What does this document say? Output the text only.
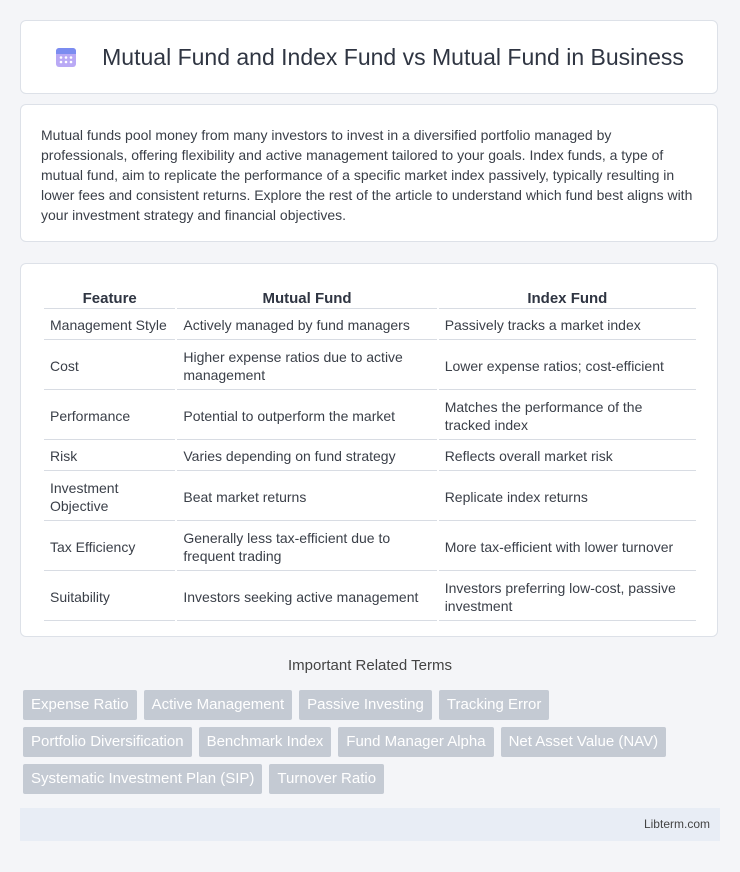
Mutual Fund and Index Fund vs Mutual Fund in Business

Mutual funds pool money from many investors to invest in a diversified portfolio managed by professionals, offering flexibility and active management tailored to your goals. Index funds, a type of mutual fund, aim to replicate the performance of a specific market index passively, typically resulting in lower fees and consistent returns. Explore the rest of the article to understand which fund best aligns with your investment strategy and financial objectives.

Feature	Mutual Fund	Index Fund
Management Style	Actively managed by fund managers	Passively tracks a market index
Cost	Higher expense ratios due to active management	Lower expense ratios; cost-efficient
Performance	Potential to outperform the market	Matches the performance of the tracked index
Risk	Varies depending on fund strategy	Reflects overall market risk
Investment Objective	Beat market returns	Replicate index returns
Tax Efficiency	Generally less tax-efficient due to frequent trading	More tax-efficient with lower turnover
Suitability	Investors seeking active management	Investors preferring low-cost, passive investment
Important Related Terms
Expense Ratio	Active Management	Passive Investing	Tracking Error
Portfolio Diversification	Benchmark Index	Fund Manager Alpha	Net Asset Value (NAV)
Systematic Investment Plan (SIP)	Turnover Ratio
Libterm.com
